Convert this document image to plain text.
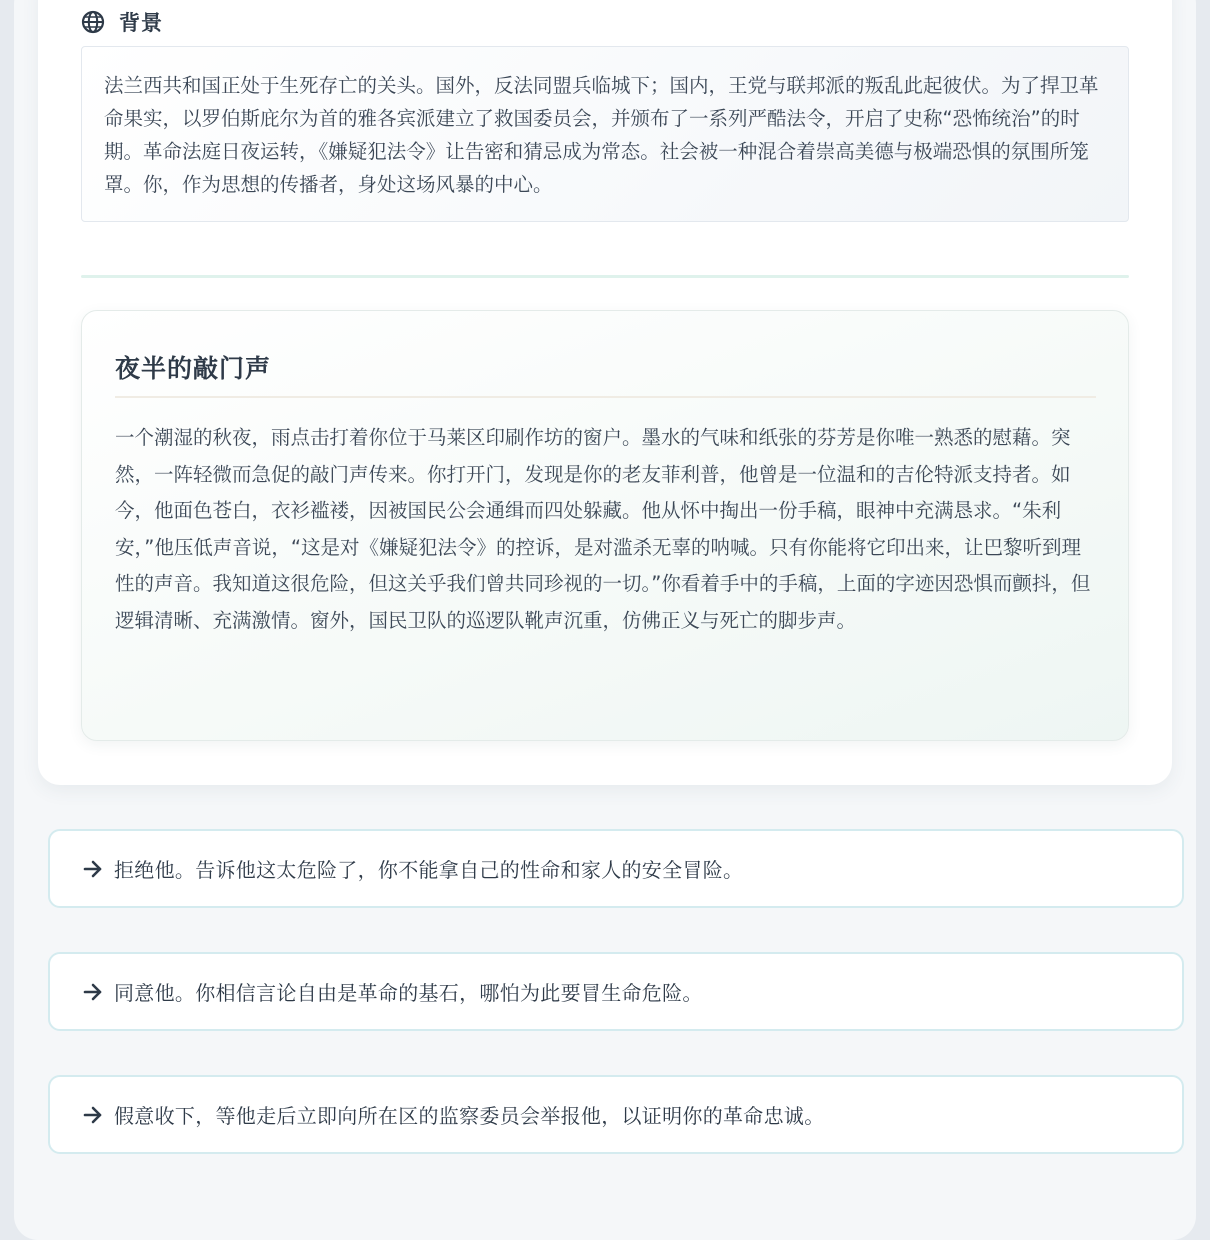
背景

法兰西共和国正处于生死存亡的关头。国外，反法同盟兵临城下；国内，王党与联邦派的叛乱此起彼伏。为了捍卫革命果实，以罗伯斯庇尔为首的雅各宾派建立了救国委员会，并颁布了一系列严酷法令，开启了史称“恐怖统治”的时期。革命法庭日夜运转，《嫌疑犯法令》让告密和猜忌成为常态。社会被一种混合着崇高美德与极端恐惧的氛围所笼罩。你，作为思想的传播者，身处这场风暴的中心。

夜半的敲门声

一个潮湿的秋夜，雨点击打着你位于马莱区印刷作坊的窗户。墨水的气味和纸张的芬芳是你唯一熟悉的慰藉。突然，一阵轻微而急促的敲门声传来。你打开门，发现是你的老友菲利普，他曾是一位温和的吉伦特派支持者。如今，他面色苍白，衣衫褴褛，因被国民公会通缉而四处躲藏。他从怀中掏出一份手稿，眼神中充满恳求。“朱利安，”他压低声音说，“这是对《嫌疑犯法令》的控诉，是对滥杀无辜的呐喊。只有你能将它印出来，让巴黎听到理性的声音。我知道这很危险，但这关乎我们曾共同珍视的一切。”你看着手中的手稿，上面的字迹因恐惧而颤抖，但逻辑清晰、充满激情。窗外，国民卫队的巡逻队靴声沉重，仿佛正义与死亡的脚步声。

拒绝他。告诉他这太危险了，你不能拿自己的性命和家人的安全冒险。
同意他。你相信言论自由是革命的基石，哪怕为此要冒生命危险。
假意收下，等他走后立即向所在区的监察委员会举报他，以证明你的革命忠诚。
